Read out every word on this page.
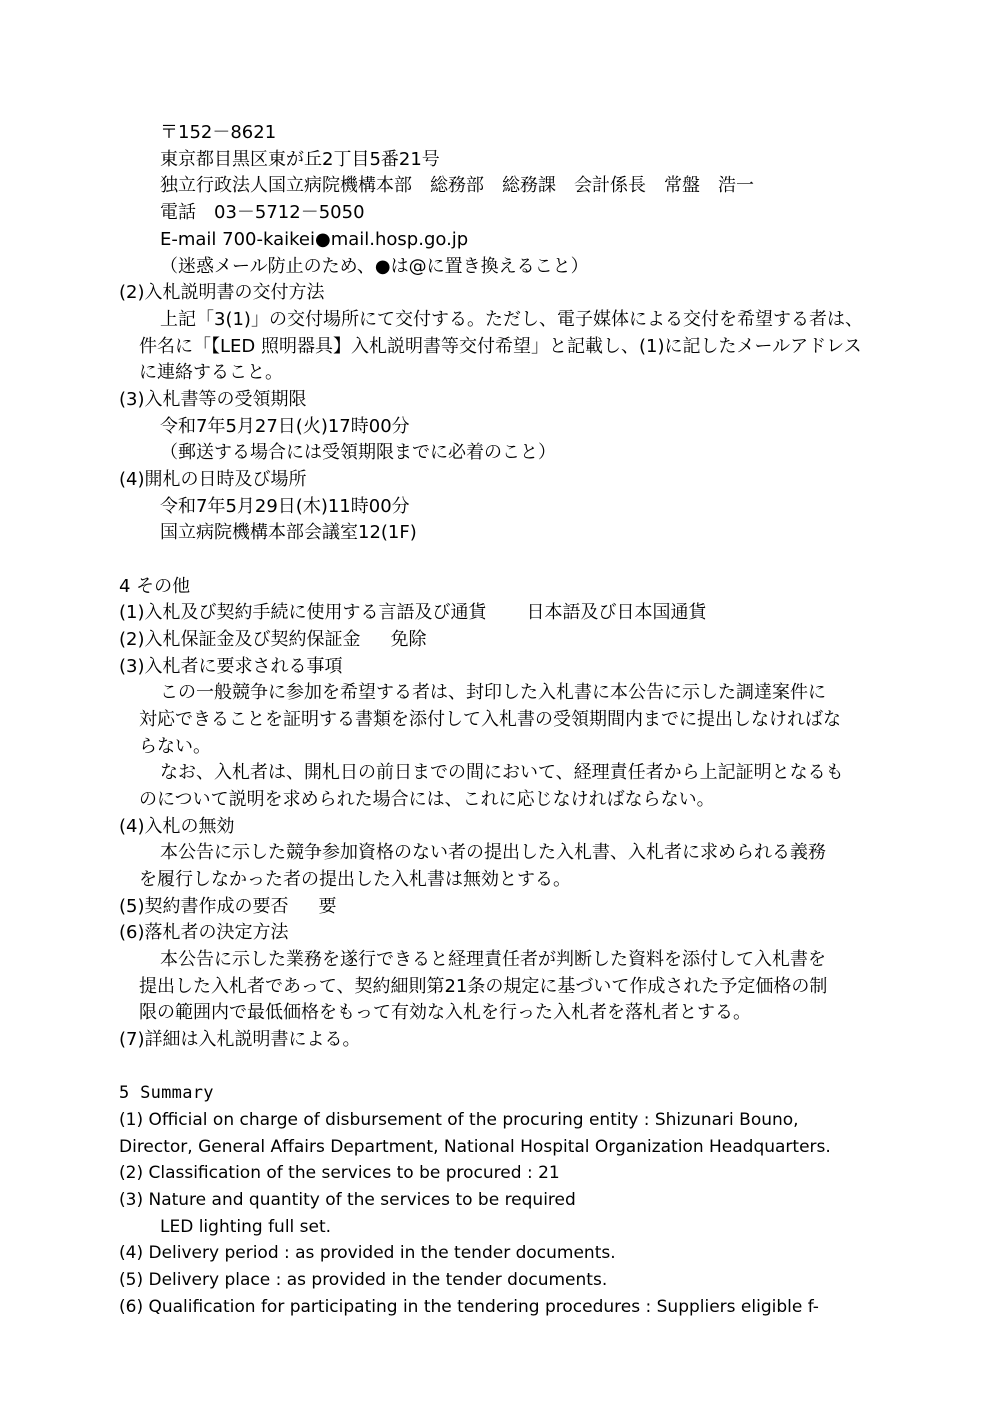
〒152－8621
東京都目黒区東が丘2丁目5番21号
独立行政法人国立病院機構本部 総務部 総務課 会計係長 常盤　浩一
電話 03－5712－5050
E-mail 700-kaikei●mail.hosp.go.jp
（迷惑メール防止のため、●は@に置き換えること）
(2)入札説明書の交付方法
上記「3(1)」の交付場所にて交付する。ただし、電子媒体による交付を希望する者は、
件名に「【LED 照明器具】入札説明書等交付希望」と記載し、(1)に記したメールアドレス
に連絡すること。
(3)入札書等の受領期限
令和7年5月27日(火)17時00分
（郵送する場合には受領期限までに必着のこと）
(4)開札の日時及び場所
令和7年5月29日(木)11時00分
国立病院機構本部会議室12(1F)
4 その他
(1)入札及び契約手続に使用する言語及び通貨 日本語及び日本国通貨
(2)入札保証金及び契約保証金 免除
(3)入札者に要求される事項
この一般競争に参加を希望する者は、封印した入札書に本公告に示した調達案件に
対応できることを証明する書類を添付して入札書の受領期間内までに提出しなければな
らない。
なお、入札者は、開札日の前日までの間において、経理責任者から上記証明となるも
のについて説明を求められた場合には、これに応じなければならない。
(4)入札の無効
本公告に示した競争参加資格のない者の提出した入札書、入札者に求められる義務
を履行しなかった者の提出した入札書は無効とする。
(5)契約書作成の要否 要
(6)落札者の決定方法
本公告に示した業務を遂行できると経理責任者が判断した資料を添付して入札書を
提出した入札者であって、契約細則第21条の規定に基づいて作成された予定価格の制
限の範囲内で最低価格をもって有効な入札を行った入札者を落札者とする。
(7)詳細は入札説明書による。
5 Summary
(1) Official on charge of disbursement of the procuring entity : Shizunari Bouno,
Director, General Affairs Department, National Hospital Organization Headquarters.
(2) Classification of the services to be procured : 21
(3) Nature and quantity of the services to be required
LED lighting full set.
(4) Delivery period : as provided in the tender documents.
(5) Delivery place : as provided in the tender documents.
(6) Qualification for participating in the tendering procedures : Suppliers eligible f-
